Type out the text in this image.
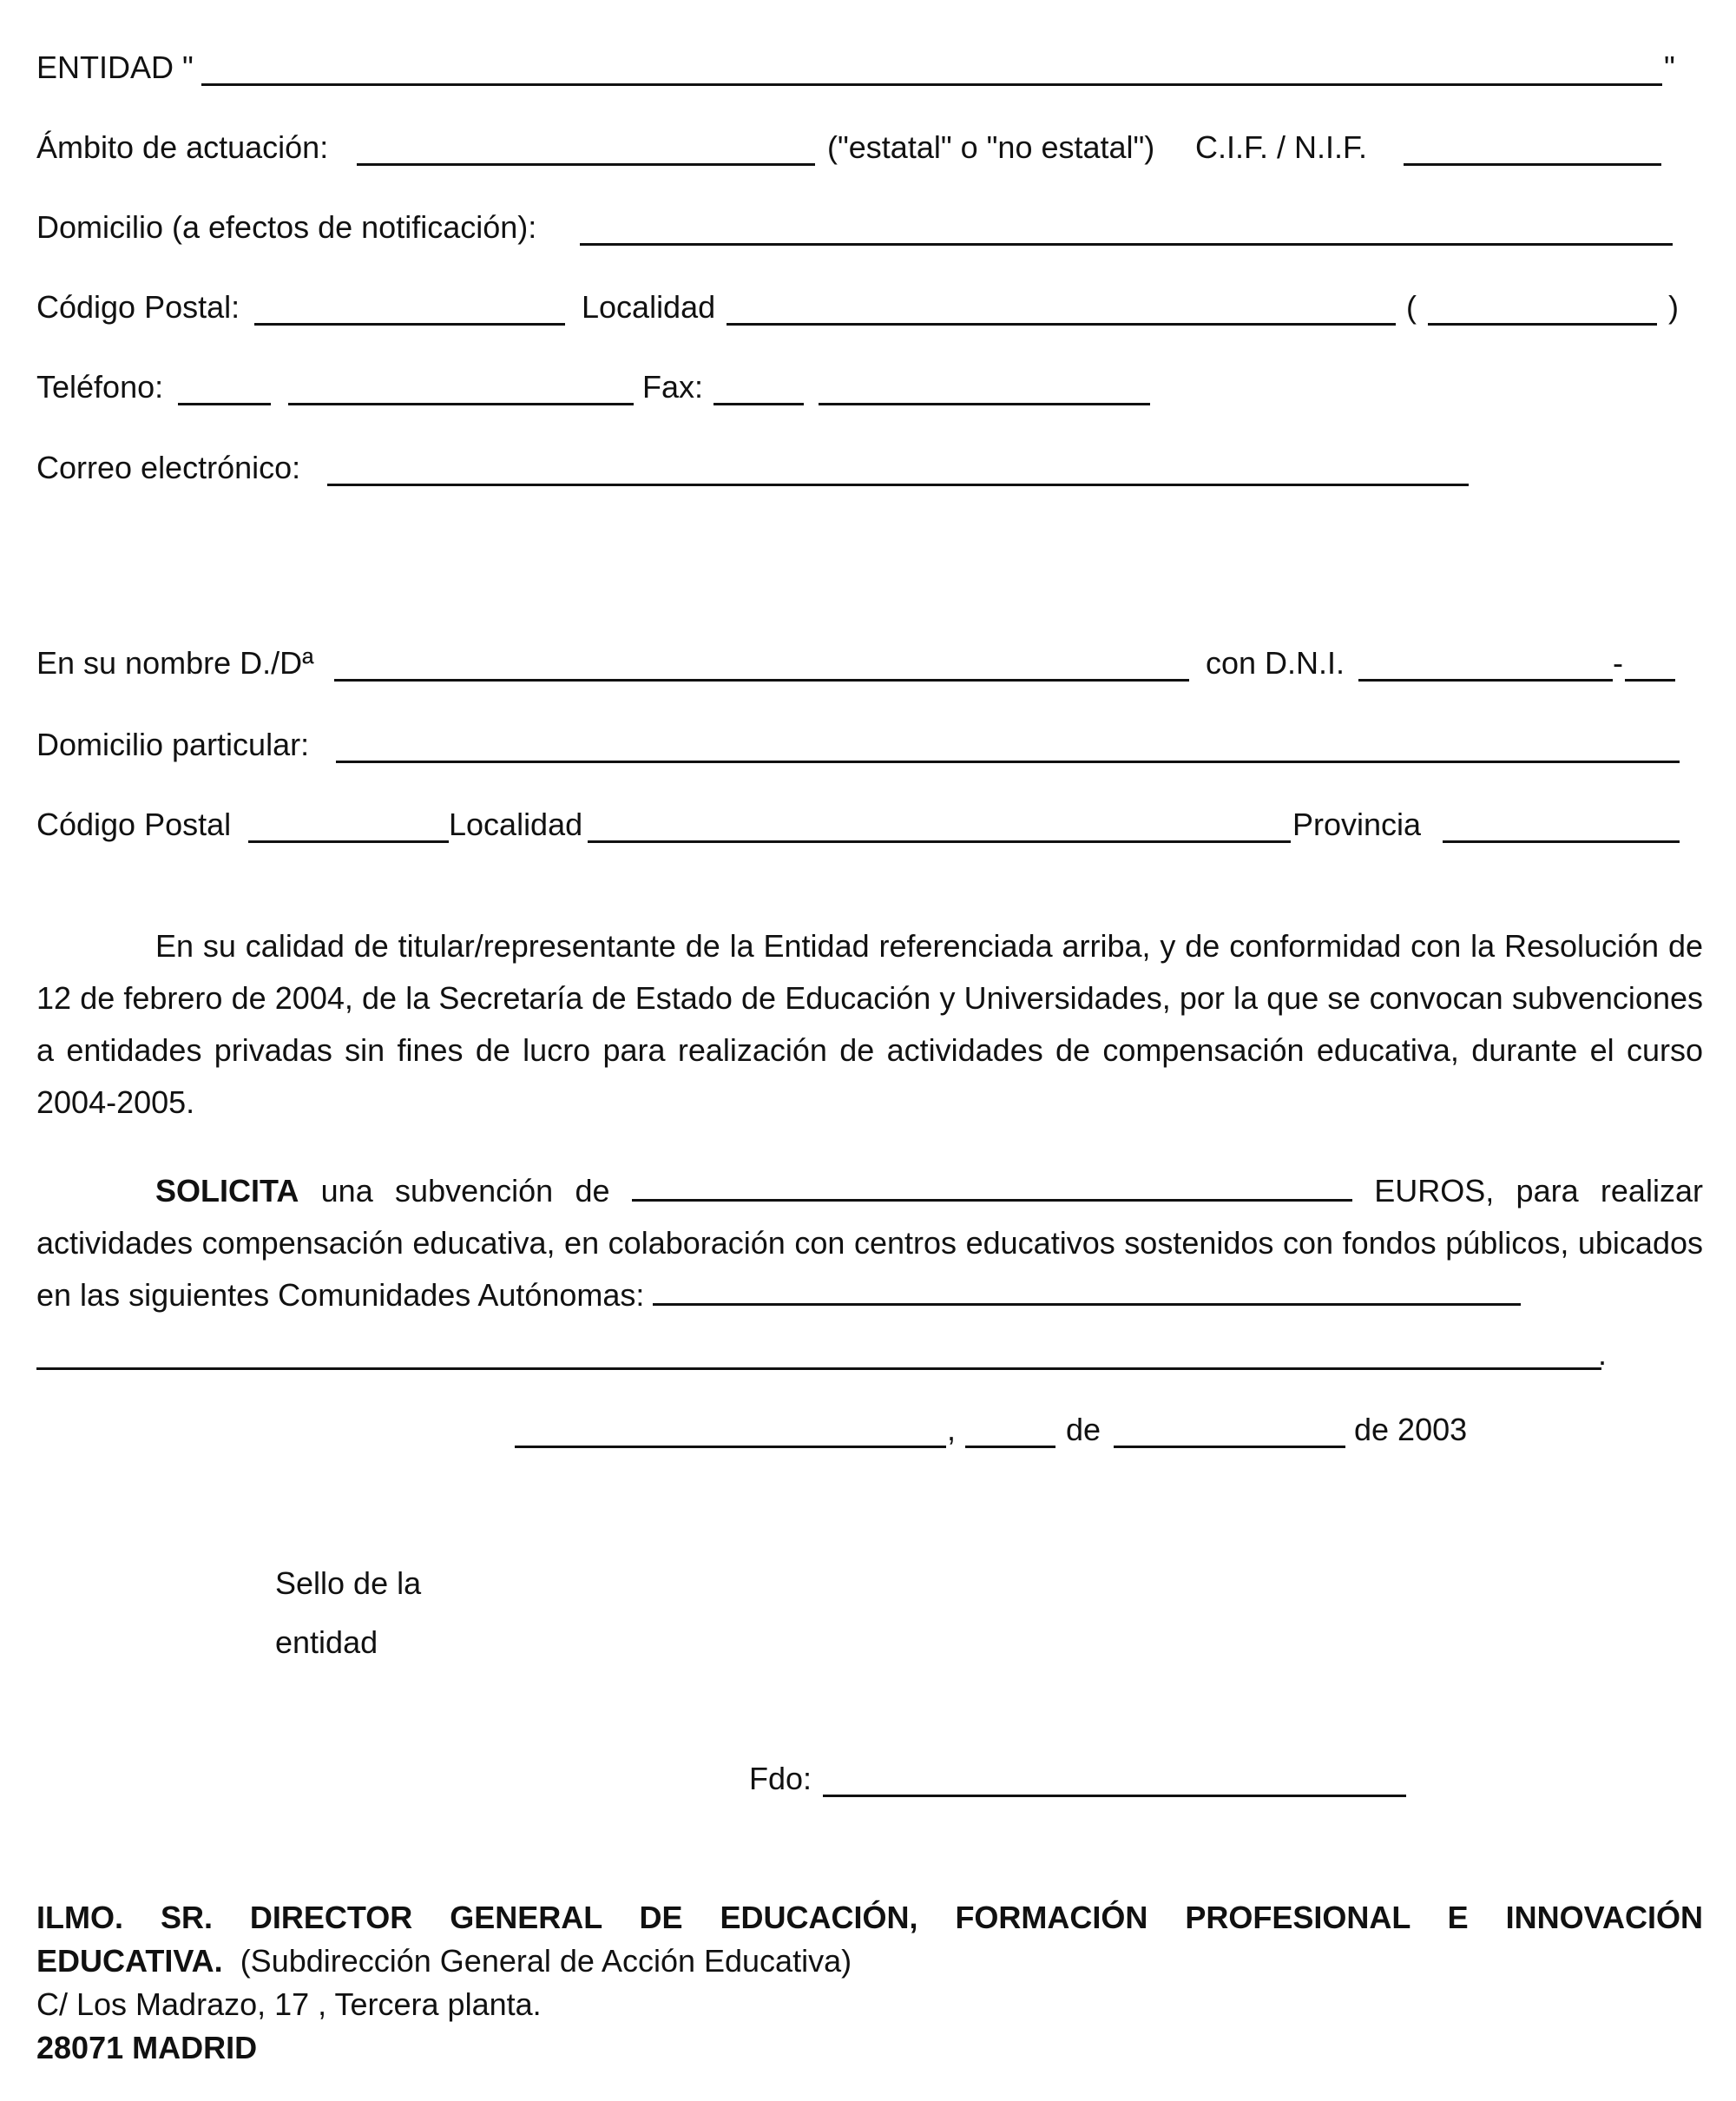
ENTIDAD "	"
Ámbito de actuación:	("estatal" o "no estatal") C.I.F. / N.I.F.
Domicilio (a efectos de notificación):
Código Postal:	Localidad	(	)
Teléfono:	Fax:
Correo electrónico:
En su nombre D./Dª	con D.N.I.	-
Domicilio particular:
Código Postal	Localidad	Provincia

En su calidad de titular/representante de la Entidad referenciada arriba, y de conformidad con la Resolución de 12 de febrero de 2004, de la Secretaría de Estado de Educación y Universidades, por la que se convocan subvenciones a entidades privadas sin fines de lucro para realización de actividades de compensación educativa, durante el curso 2004-2005.

SOLICITA una subvención de	EUROS, para realizar actividades compensación educativa, en colaboración con centros educativos sostenidos con fondos públicos, ubicados en las siguientes Comunidades Autónomas:

.
,	de	de 2003
Sello de la
entidad
Fdo:
ILMO. SR. DIRECTOR GENERAL DE EDUCACIÓN, FORMACIÓN PROFESIONAL E INNOVACIÓN
EDUCATIVA. (Subdirección General de Acción Educativa)
C/ Los Madrazo, 17 , Tercera planta.
28071 MADRID
